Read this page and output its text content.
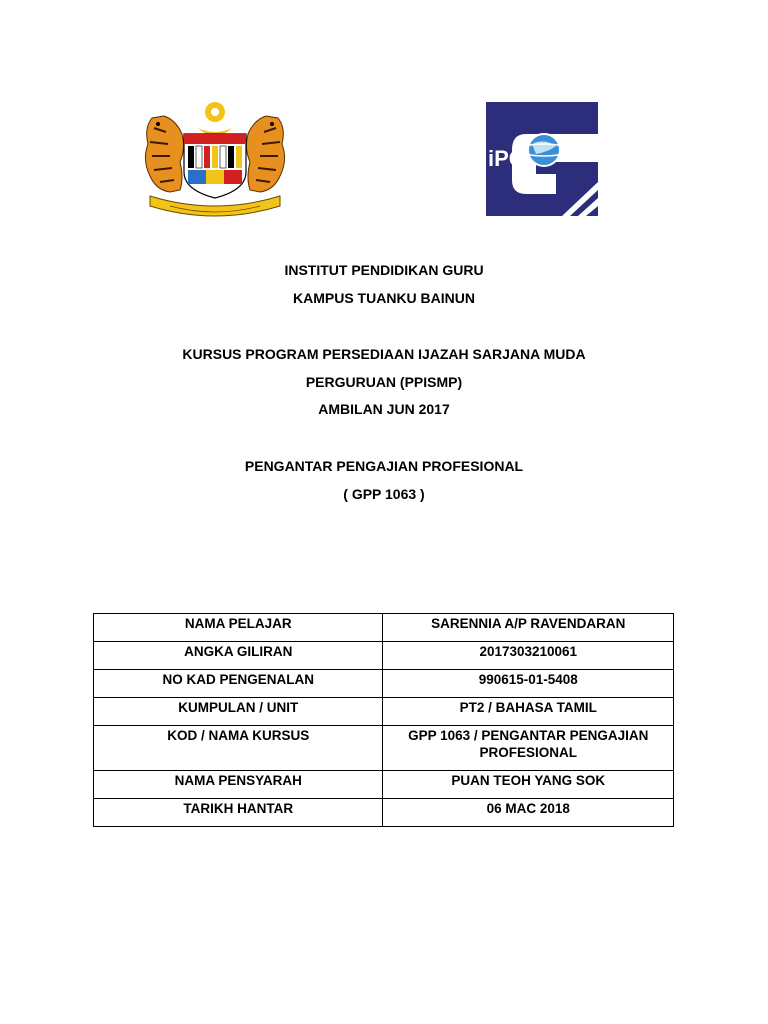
iPG
INSTITUT PENDIDIKAN GURU
KAMPUS TUANKU BAINUN
KURSUS PROGRAM PERSEDIAAN IJAZAH SARJANA MUDA
PERGURUAN (PPISMP)
AMBILAN JUN 2017
PENGANTAR PENGAJIAN PROFESIONAL
( GPP 1063 )
NAMA PELAJAR	SARENNIA A/P RAVENDARAN
ANGKA GILIRAN	2017303210061
NO KAD PENGENALAN	990615-01-5408
KUMPULAN / UNIT	PT2 / BAHASA TAMIL
KOD / NAMA KURSUS	GPP 1063 / PENGANTAR PENGAJIAN PROFESIONAL
NAMA PENSYARAH	PUAN TEOH YANG SOK
TARIKH HANTAR	06 MAC 2018
